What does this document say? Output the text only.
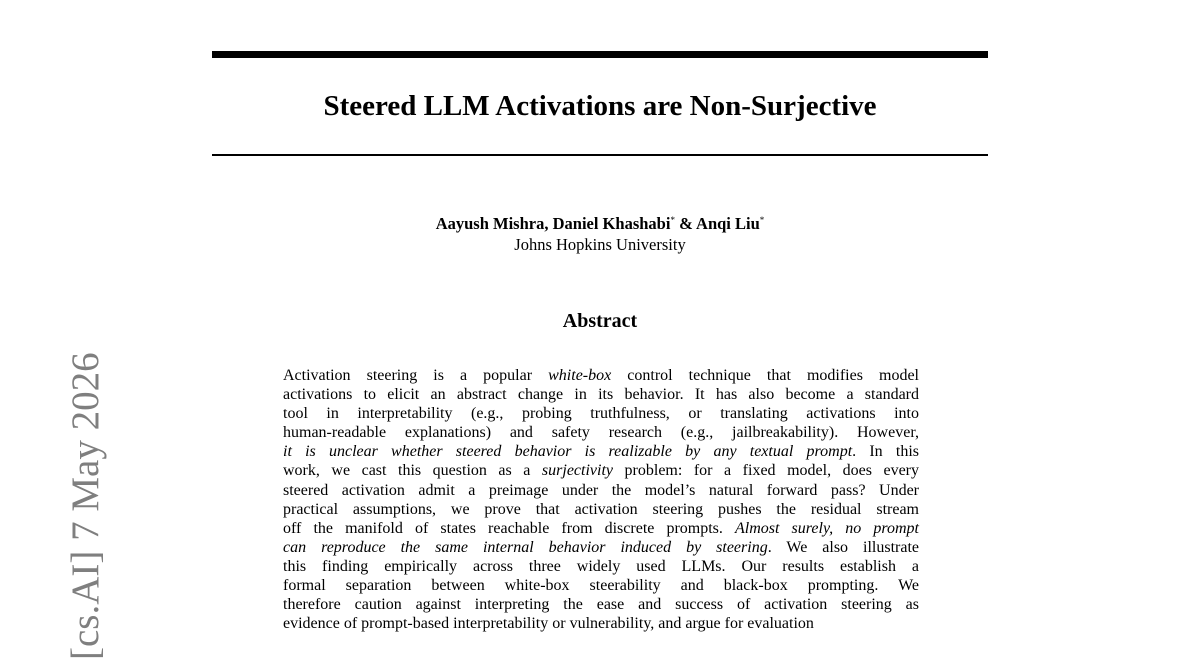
Steered LLM Activations are Non-Surjective
Aayush Mishra, Daniel Khashabi* & Anqi Liu*
Johns Hopkins University
Abstract
Activation steering is a popular white-box control technique that modifies model
activations to elicit an abstract change in its behavior. It has also become a standard
tool in interpretability (e.g., probing truthfulness, or translating activations into
human-readable explanations) and safety research (e.g., jailbreakability). However,
it is unclear whether steered behavior is realizable by any textual prompt. In this
work, we cast this question as a surjectivity problem: for a fixed model, does every
steered activation admit a preimage under the model’s natural forward pass? Under
practical assumptions, we prove that activation steering pushes the residual stream
off the manifold of states reachable from discrete prompts. Almost surely, no prompt
can reproduce the same internal behavior induced by steering. We also illustrate
this finding empirically across three widely used LLMs. Our results establish a
formal separation between white-box steerability and black-box prompting. We
therefore caution against interpreting the ease and success of activation steering as
evidence of prompt-based interpretability or vulnerability, and argue for evaluation
[cs.AI] 7 May 2026
